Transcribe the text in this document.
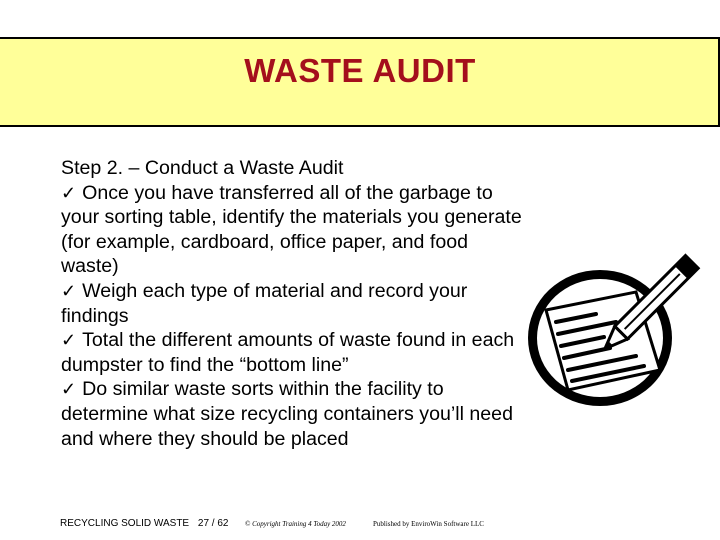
WASTE AUDIT

Step 2. – Conduct a Waste Audit

✓ Once you have transferred all of the garbage to your sorting table, identify the materials you generate (for example, cardboard, office paper, and food waste)

✓ Weigh each type of material and record your findings

✓ Total the different amounts of waste found in each dumpster to find the “bottom line”

✓ Do similar waste sorts within the facility to determine what size recycling containers you’ll need and where they should be placed

RECYCLING SOLID WASTE 27 / 62 © Copyright Training 4 Today 2002	Published by EnviroWin Software LLC
